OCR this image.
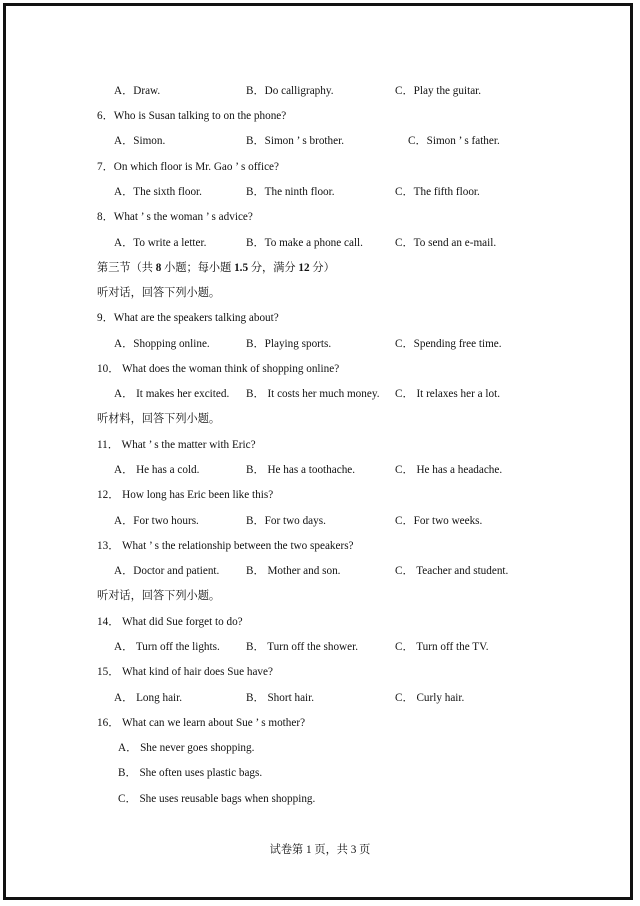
A．Draw.	B．Do calligraphy.	C．Play the guitar.
6．Who is Susan talking to on the phone?
A．Simon.	B．Simon ’ s brother.	C．Simon ’ s father.
7．On which floor is Mr. Gao ’ s office?
A．The sixth floor.	B．The ninth floor.	C．The fifth floor.
8．What ’ s the woman ’ s advice?
A．To write a letter.	B．To make a phone call.	C．To send an e-mail.
第三节（共 8 小题；每小题 1.5 分，满分 12 分）
听对话，回答下列小题。
9．What are the speakers talking about?
A．Shopping online.	B．Playing sports.	C．Spending free time.
10． What does the woman think of shopping online?
A． It makes her excited. B． It costs her much money. C． It relaxes her a lot.
听材料，回答下列小题。
11． What ’ s the matter with Eric?
A． He has a cold.	B． He has a toothache.	C． He has a headache.
12． How long has Eric been like this?
A．For two hours.	B．For two days.	C．For two weeks.
13． What ’ s the relationship between the two speakers?
A．Doctor and patient. B． Mother and son.	C． Teacher and student.
听对话，回答下列小题。
14． What did Sue forget to do?
A． Turn off the lights. B． Turn off the shower.	C． Turn off the TV.
15． What kind of hair does Sue have?
A． Long hair.	B． Short hair.	C． Curly hair.
16． What can we learn about Sue ’ s mother?
A． She never goes shopping.
B． She often uses plastic bags.
C． She uses reusable bags when shopping.
试卷第 1 页，共 3 页
